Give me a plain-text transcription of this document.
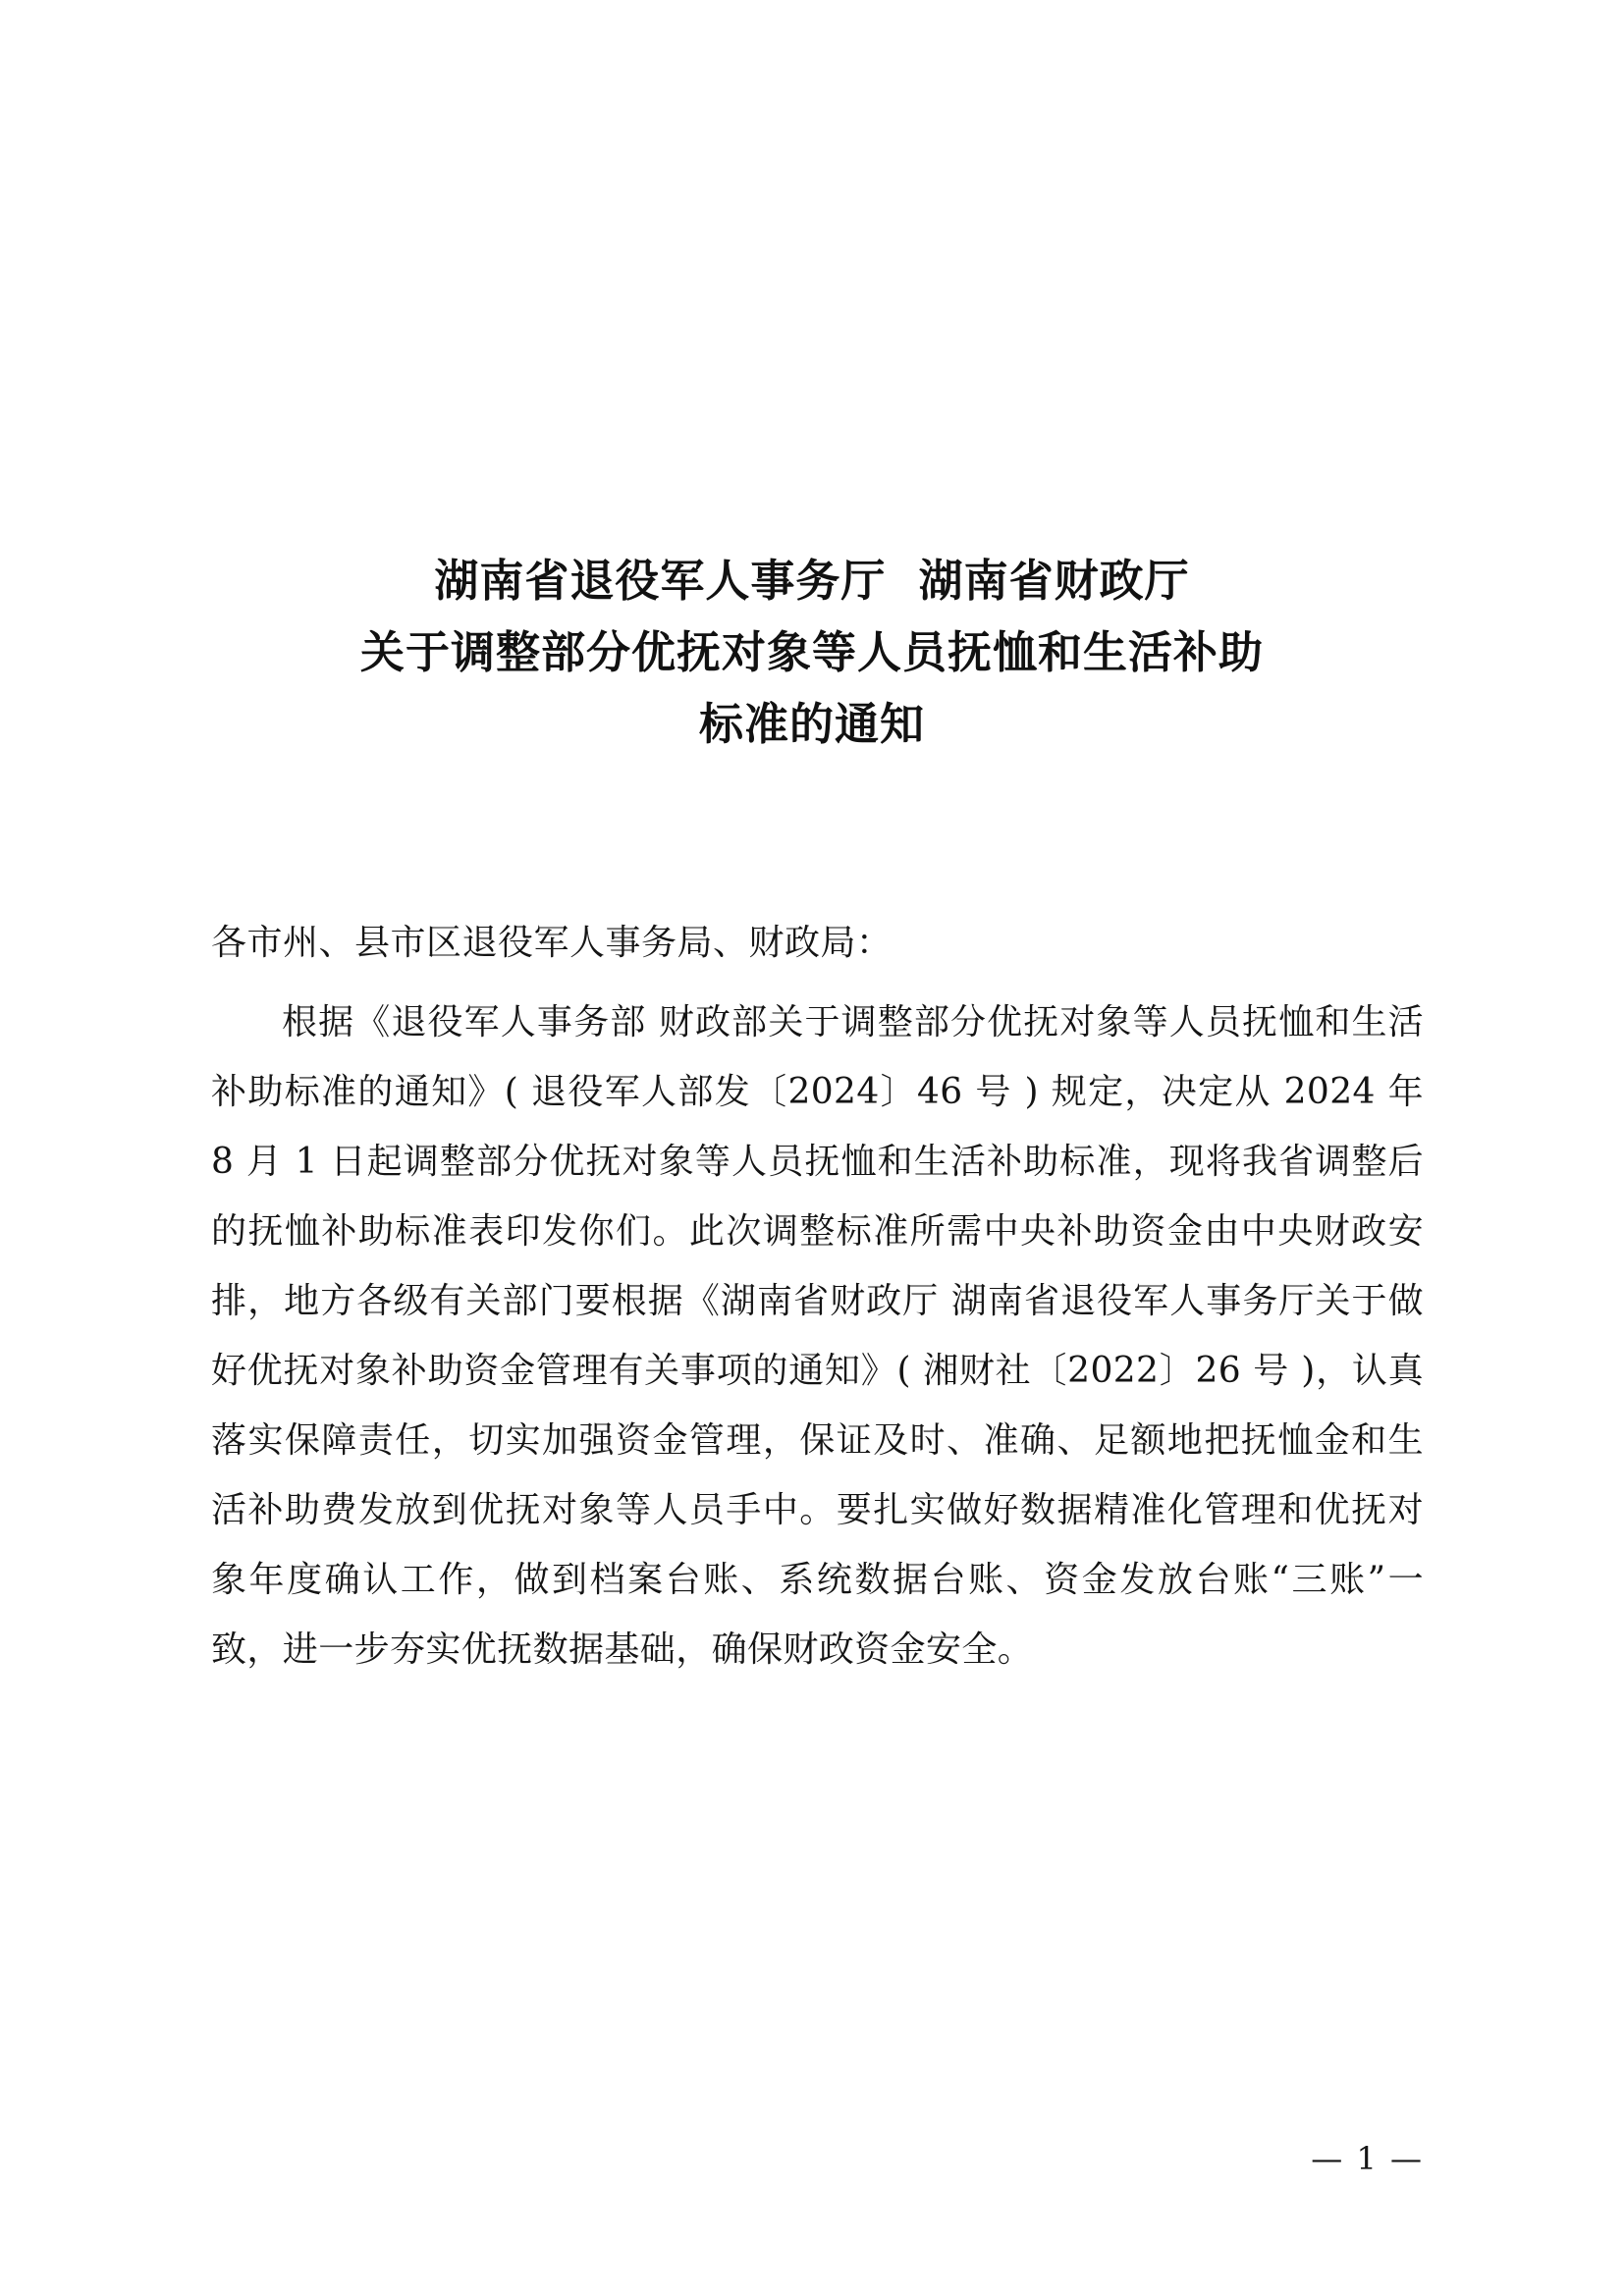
湖南省退役军人事务厅  湖南省财政厅
关于调整部分优抚对象等人员抚恤和生活补助
标准的通知

各市州、县市区退役军人事务局、财政局：

根据《退役军人事务部 财政部关于调整部分优抚对象等人员抚恤和生活补助标准的通知》( 退役军人部发〔2024〕46 号 ) 规定，决定从 2024 年 8 月 1 日起调整部分优抚对象等人员抚恤和生活补助标准，现将我省调整后的抚恤补助标准表印发你们。此次调整标准所需中央补助资金由中央财政安排，地方各级有关部门要根据《湖南省财政厅 湖南省退役军人事务厅关于做好优抚对象补助资金管理有关事项的通知》( 湘财社〔2022〕26 号 )，认真落实保障责任，切实加强资金管理，保证及时、准确、足额地把抚恤金和生活补助费发放到优抚对象等人员手中。要扎实做好数据精准化管理和优抚对象年度确认工作，做到档案台账、系统数据台账、资金发放台账“三账”一致，进一步夯实优抚数据基础，确保财政资金安全。

— 1 —
